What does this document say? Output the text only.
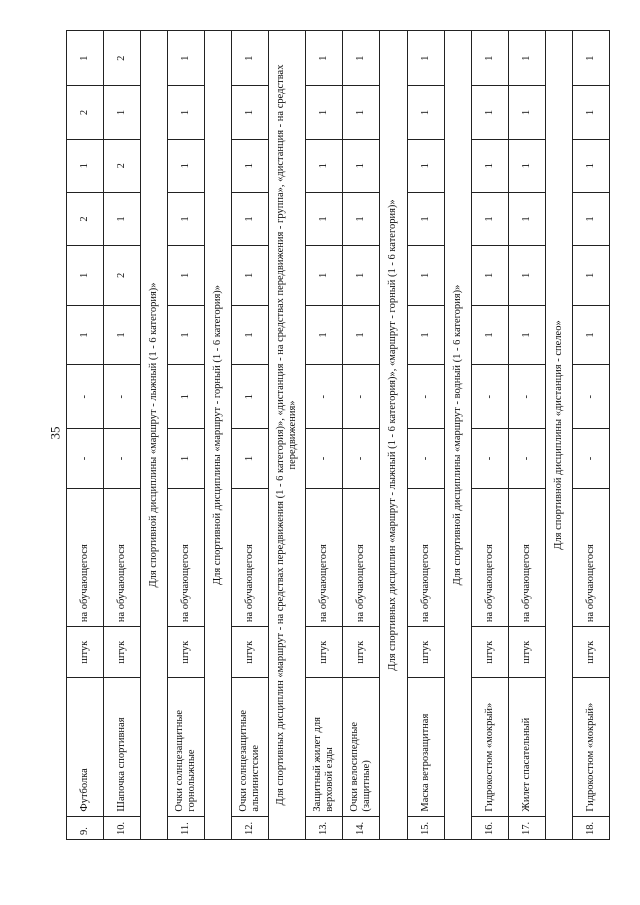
35
9.	Футболка	штук	на обучающегося	-	-	1	1	2	1	2	1
10.	Шапочка спортивная	штук	на обучающегося	-	-	1	2	1	2	1	2
Для спортивной дисциплины «маршрут - лыжный (1 - 6 категория)»											
11.	Очки солнцезащитные горнолыжные	штук	на обучающегося	1	1	1	1	1	1	1	1
Для спортивной дисциплины «маршрут - горный (1 - 6 категория)»											
12.	Очки солнцезащитные альпинистские	штук	на обучающегося	1	1	1	1	1	1	1	1
Для спортивных дисциплин «маршрут - на средствах передвижения (1 - 6 категория)», «дистанция - на средствах передвижения - группа», «дистанция - на средствах передвижения»											
13.	Защитный жилет для верховой езды	штук	на обучающегося	-	-	1	1	1	1	1	1
14.	Очки велосипедные (защитные)	штук	на обучающегося	-	-	1	1	1	1	1	1
Для спортивных дисциплин «маршрут - лыжный (1 - 6 категория)», «маршрут - горный (1 - 6 категория)»											
15.	Маска ветрозащитная	штук	на обучающегося	-	-	1	1	1	1	1	1
Для спортивной дисциплины «маршрут - водный (1 - 6 категория)»											
16.	Гидрокостюм «мокрый»	штук	на обучающегося	-	-	1	1	1	1	1	1
17.	Жилет спасательный	штук	на обучающегося	-	-	1	1	1	1	1	1
Для спортивной дисциплины «дистанция - спелео»											
18.	Гидрокостюм «мокрый»	штук	на обучающегося	-	-	1	1	1	1	1	1
